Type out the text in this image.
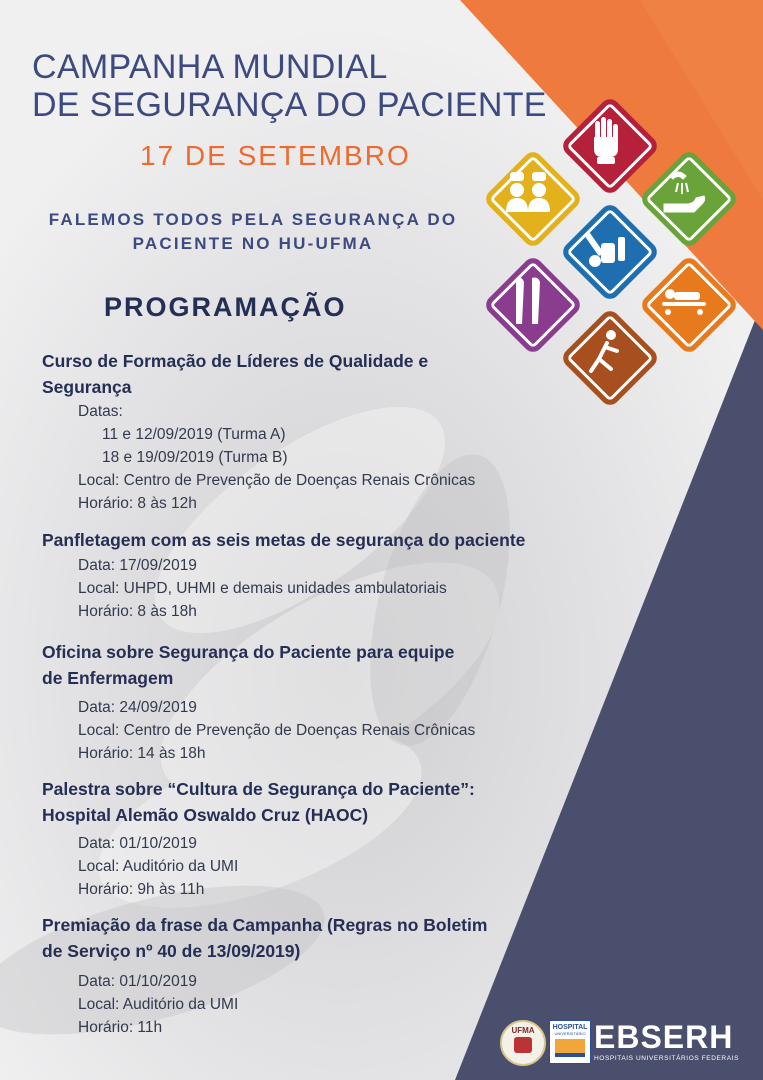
CAMPANHA MUNDIAL
DE SEGURANÇA DO PACIENTE
17 DE SETEMBRO
FALEMOS TODOS PELA SEGURANÇA DO
PACIENTE NO HU-UFMA
PROGRAMAÇÃO
Curso de Formação de Líderes de Qualidade e
Segurança
Datas:
11 e 12/09/2019 (Turma A)
18 e 19/09/2019 (Turma B)
Local: Centro de Prevenção de Doenças Renais Crônicas
Horário: 8 às 12h
Panfletagem com as seis metas de segurança do paciente
Data: 17/09/2019
Local: UHPD, UHMI e demais unidades ambulatoriais
Horário: 8 às 18h
Oficina sobre Segurança do Paciente para equipe
de Enfermagem
Data: 24/09/2019
Local: Centro de Prevenção de Doenças Renais Crônicas
Horário: 14 às 18h
Palestra sobre “Cultura de Segurança do Paciente”:
Hospital Alemão Oswaldo Cruz (HAOC)
Data: 01/10/2019
Local: Auditório da UMI
Horário: 9h às 11h
Premiação da frase da Campanha (Regras no Boletim
de Serviço nº 40 de 13/09/2019)
Data: 01/10/2019
Local: Auditório da UMI
Horário: 11h	UFMA	HOSPITAL
UNIVERSITÁRIO EBSERH
HOSPITAIS UNIVERSITÁRIOS FEDERAIS
